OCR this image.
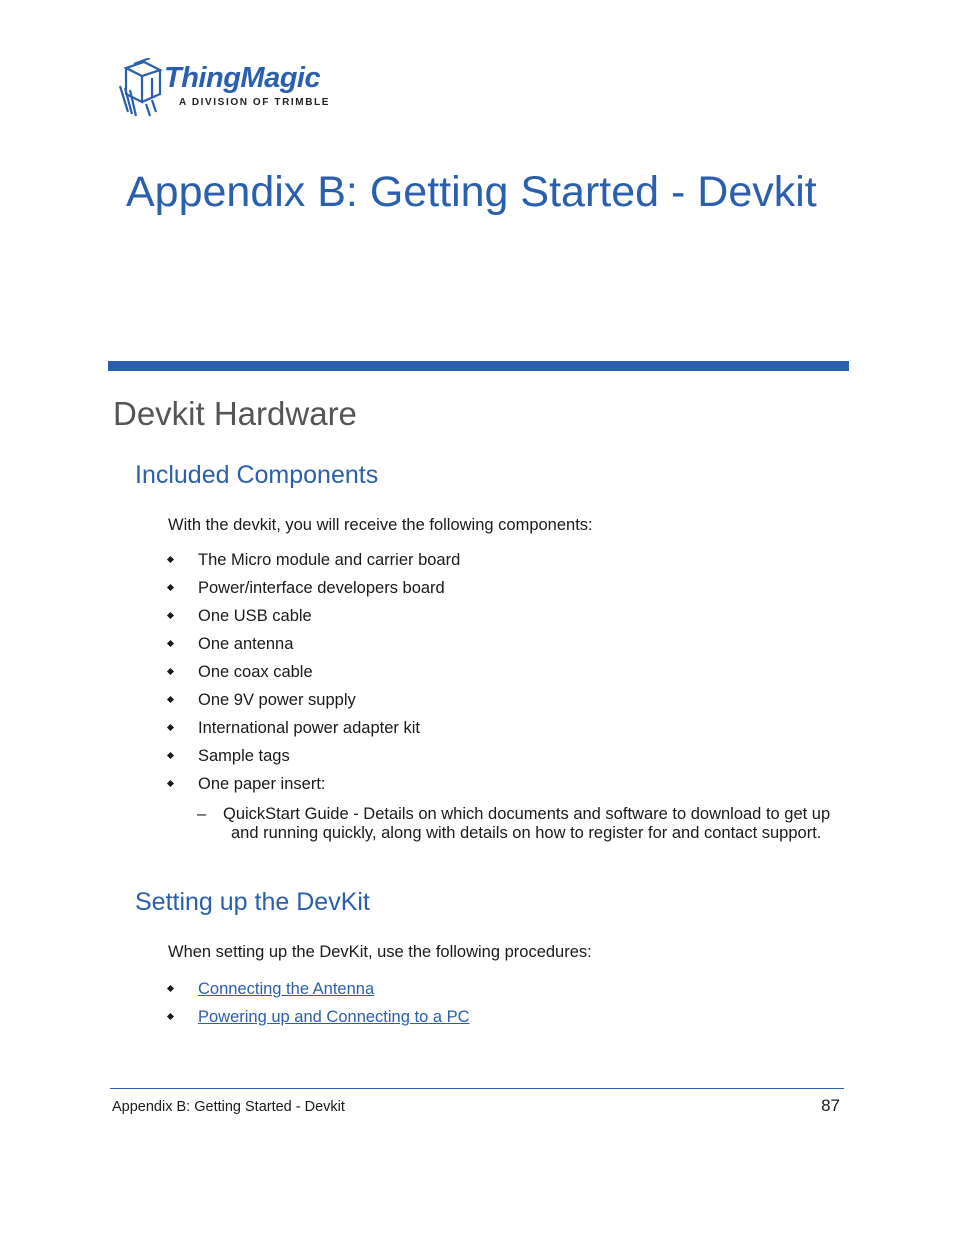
ThingMagic
A DIVISION OF TRIMBLE
Appendix B: Getting Started - Devkit
Devkit Hardware
Included Components
With the devkit, you will receive the following components:
The Micro module and carrier board
Power/interface developers board
One USB cable
One antenna
One coax cable
One 9V power supply
International power adapter kit
Sample tags
One paper insert:
– QuickStart Guide - Details on which documents and software to download to get up and running quickly, along with details on how to register for and contact support.
Setting up the DevKit
When setting up the DevKit, use the following procedures:
Connecting the Antenna
Powering up and Connecting to a PC
Appendix B: Getting Started - Devkit	87
